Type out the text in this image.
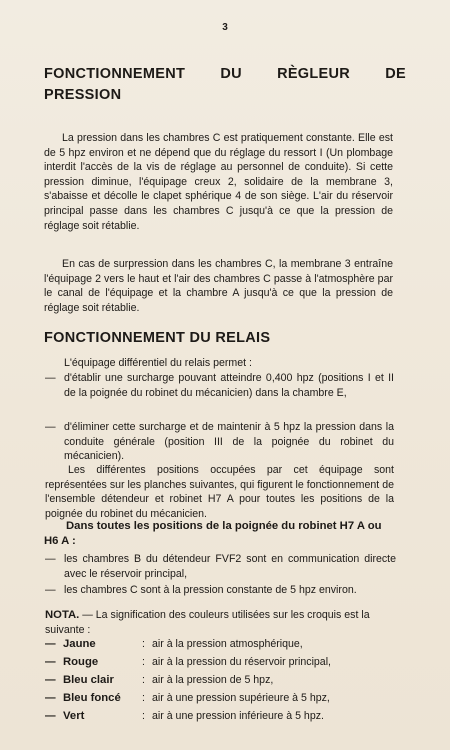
3
FONCTIONNEMENT DU RÈGLEUR DE
PRESSION
La pression dans les chambres C est pratiquement constante. Elle est de 5 hpz environ et ne dépend que du réglage du ressort I (Un plombage interdit l'accès de la vis de réglage au personnel de conduite). Si cette pression diminue, l'équipage creux 2, solidaire de la membrane 3, s'abaisse et décolle le clapet sphérique 4 de son siège. L'air du réservoir principal passe dans les chambres C jusqu'à ce que la pression de réglage soit rétablie.
En cas de surpression dans les chambres C, la membrane 3 entraîne l'équipage 2 vers le haut et l'air des chambres C passe à l'atmosphère par le canal de l'équipage et la chambre A jusqu'à ce que la pression de réglage soit rétablie.
FONCTIONNEMENT DU RELAIS
L'équipage différentiel du relais permet :
— d'établir une surcharge pouvant atteindre 0,400 hpz (positions I et II de la poignée du robinet du mécanicien) dans la chambre E,
— d'éliminer cette surcharge et de maintenir à 5 hpz la pression dans la conduite générale (position III de la poignée du robinet du mécanicien).
Les différentes positions occupées par cet équipage sont représentées sur les planches suivantes, qui figurent le fonctionnement de l'ensemble détendeur et robinet H7 A pour toutes les positions de la poignée du robinet du mécanicien.
Dans toutes les positions de la poignée du robinet H7 A ou H6 A :
— les chambres B du détendeur FVF2 sont en communication directe avec le réservoir principal,
— les chambres C sont à la pression constante de 5 hpz environ.
NOTA. — La signification des couleurs utilisées sur les croquis est la suivante :
— Jaune	: air à la pression atmosphérique,
— Rouge	: air à la pression du réservoir principal,
— Bleu clair	: air à la pression de 5 hpz,
— Bleu foncé : air à une pression supérieure à 5 hpz,
— Vert	: air à une pression inférieure à 5 hpz.
